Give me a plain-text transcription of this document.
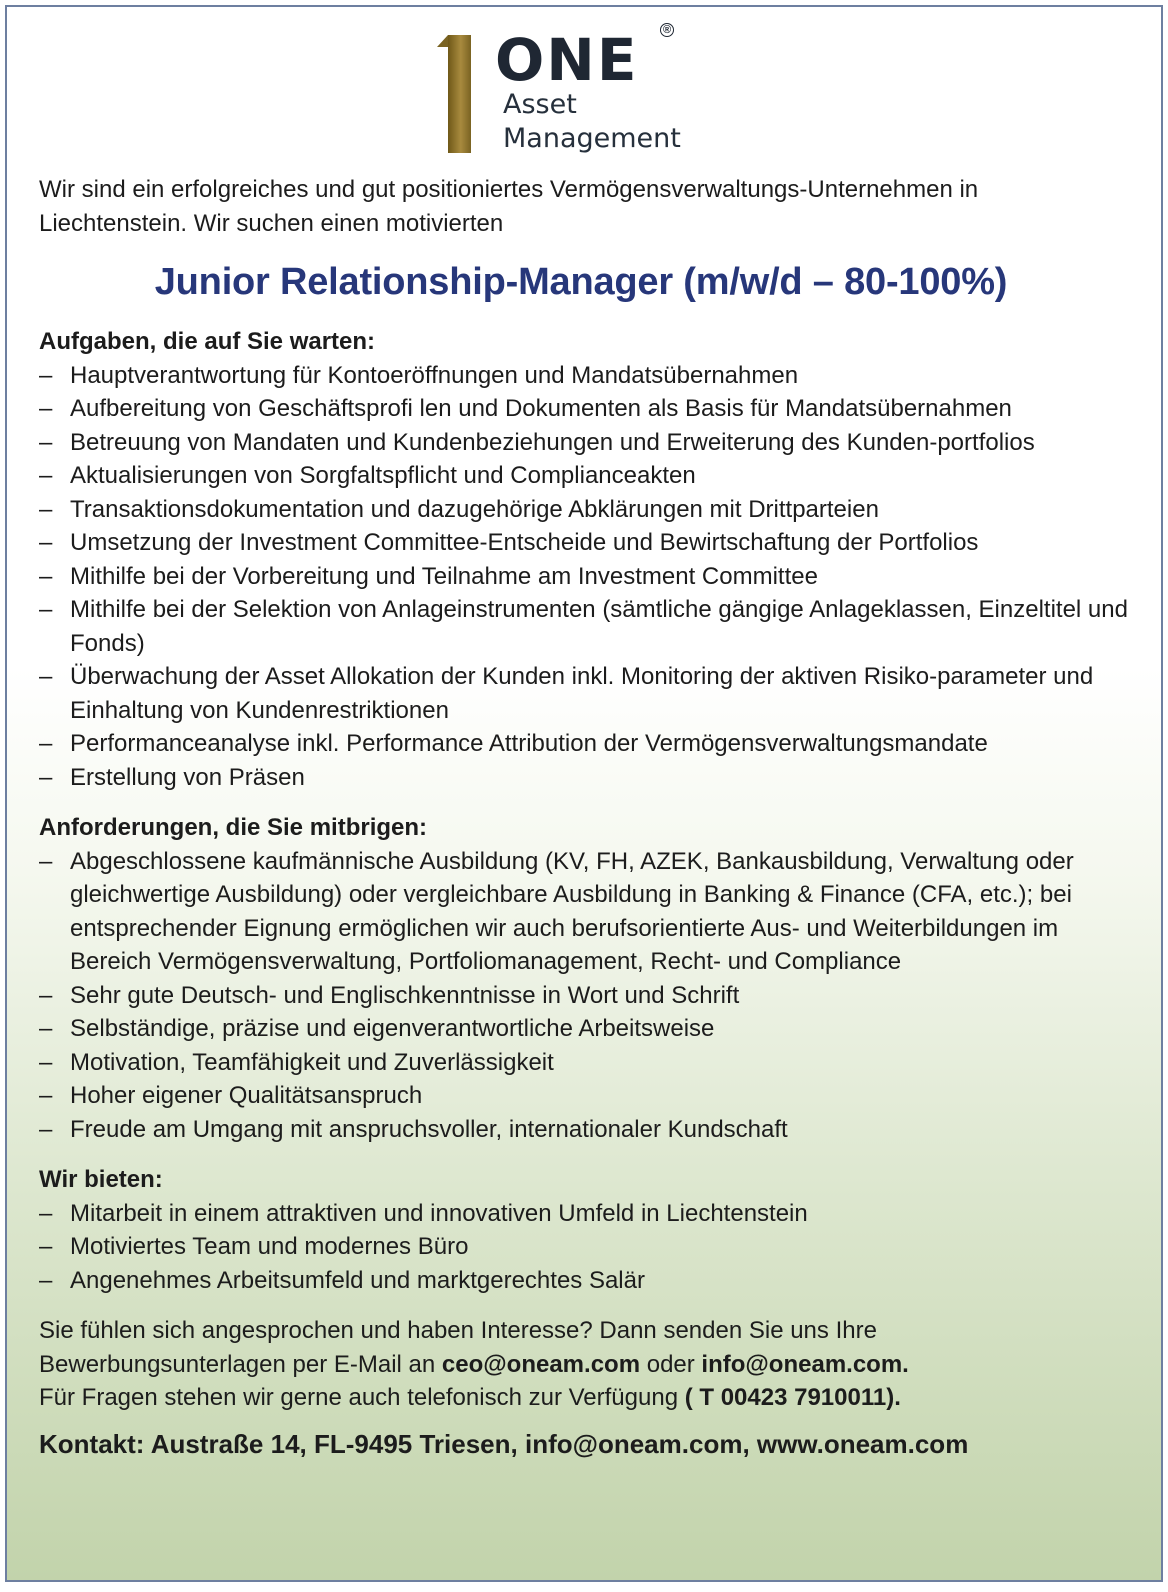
ONE ®
Asset
Management

Wir sind ein erfolgreiches und gut positioniertes Vermögensverwaltungs-Unternehmen in Liechtenstein. Wir suchen einen motivierten

Junior Relationship-Manager (m/w/d – 80-100%)

Aufgaben, die auf Sie warten:

– Hauptverantwortung für Kontoeröffnungen und Mandatsübernahmen
– Aufbereitung von Geschäftsprofi len und Dokumenten als Basis für Mandatsübernahmen
– Betreuung von Mandaten und Kundenbeziehungen und Erweiterung des Kunden-portfolios
– Aktualisierungen von Sorgfaltspflicht und Complianceakten
– Transaktionsdokumentation und dazugehörige Abklärungen mit Drittparteien
– Umsetzung der Investment Committee-Entscheide und Bewirtschaftung der Portfolios
– Mithilfe bei der Vorbereitung und Teilnahme am Investment Committee
– Mithilfe bei der Selektion von Anlageinstrumenten (sämtliche gängige Anlageklassen, Einzeltitel und Fonds)
– Überwachung der Asset Allokation der Kunden inkl. Monitoring der aktiven Risiko-parameter und Einhaltung von Kundenrestriktionen
– Performanceanalyse inkl. Performance Attribution der Vermögensverwaltungsmandate
– Erstellung von Präsen

Anforderungen, die Sie mitbrigen:

– Abgeschlossene kaufmännische Ausbildung (KV, FH, AZEK, Bankausbildung, Verwaltung oder gleichwertige Ausbildung) oder vergleichbare Ausbildung in Banking & Finance (CFA, etc.); bei entsprechender Eignung ermöglichen wir auch berufsorientierte Aus- und Weiterbildungen im Bereich Vermögensverwaltung, Portfoliomanagement, Recht- und Compliance
– Sehr gute Deutsch- und Englischkenntnisse in Wort und Schrift
– Selbständige, präzise und eigenverantwortliche Arbeitsweise
– Motivation, Teamfähigkeit und Zuverlässigkeit
– Hoher eigener Qualitätsanspruch
– Freude am Umgang mit anspruchsvoller, internationaler Kundschaft

Wir bieten:

– Mitarbeit in einem attraktiven und innovativen Umfeld in Liechtenstein
– Motiviertes Team und modernes Büro
– Angenehmes Arbeitsumfeld und marktgerechtes Salär

Sie fühlen sich angesprochen und haben Interesse? Dann senden Sie uns Ihre

Bewerbungsunterlagen per E-Mail an ceo@oneam.com oder info@oneam.com.

Für Fragen stehen wir gerne auch telefonisch zur Verfügung ( T 00423 7910011).

Kontakt: Austraße 14, FL-9495 Triesen, info@oneam.com, www.oneam.com
